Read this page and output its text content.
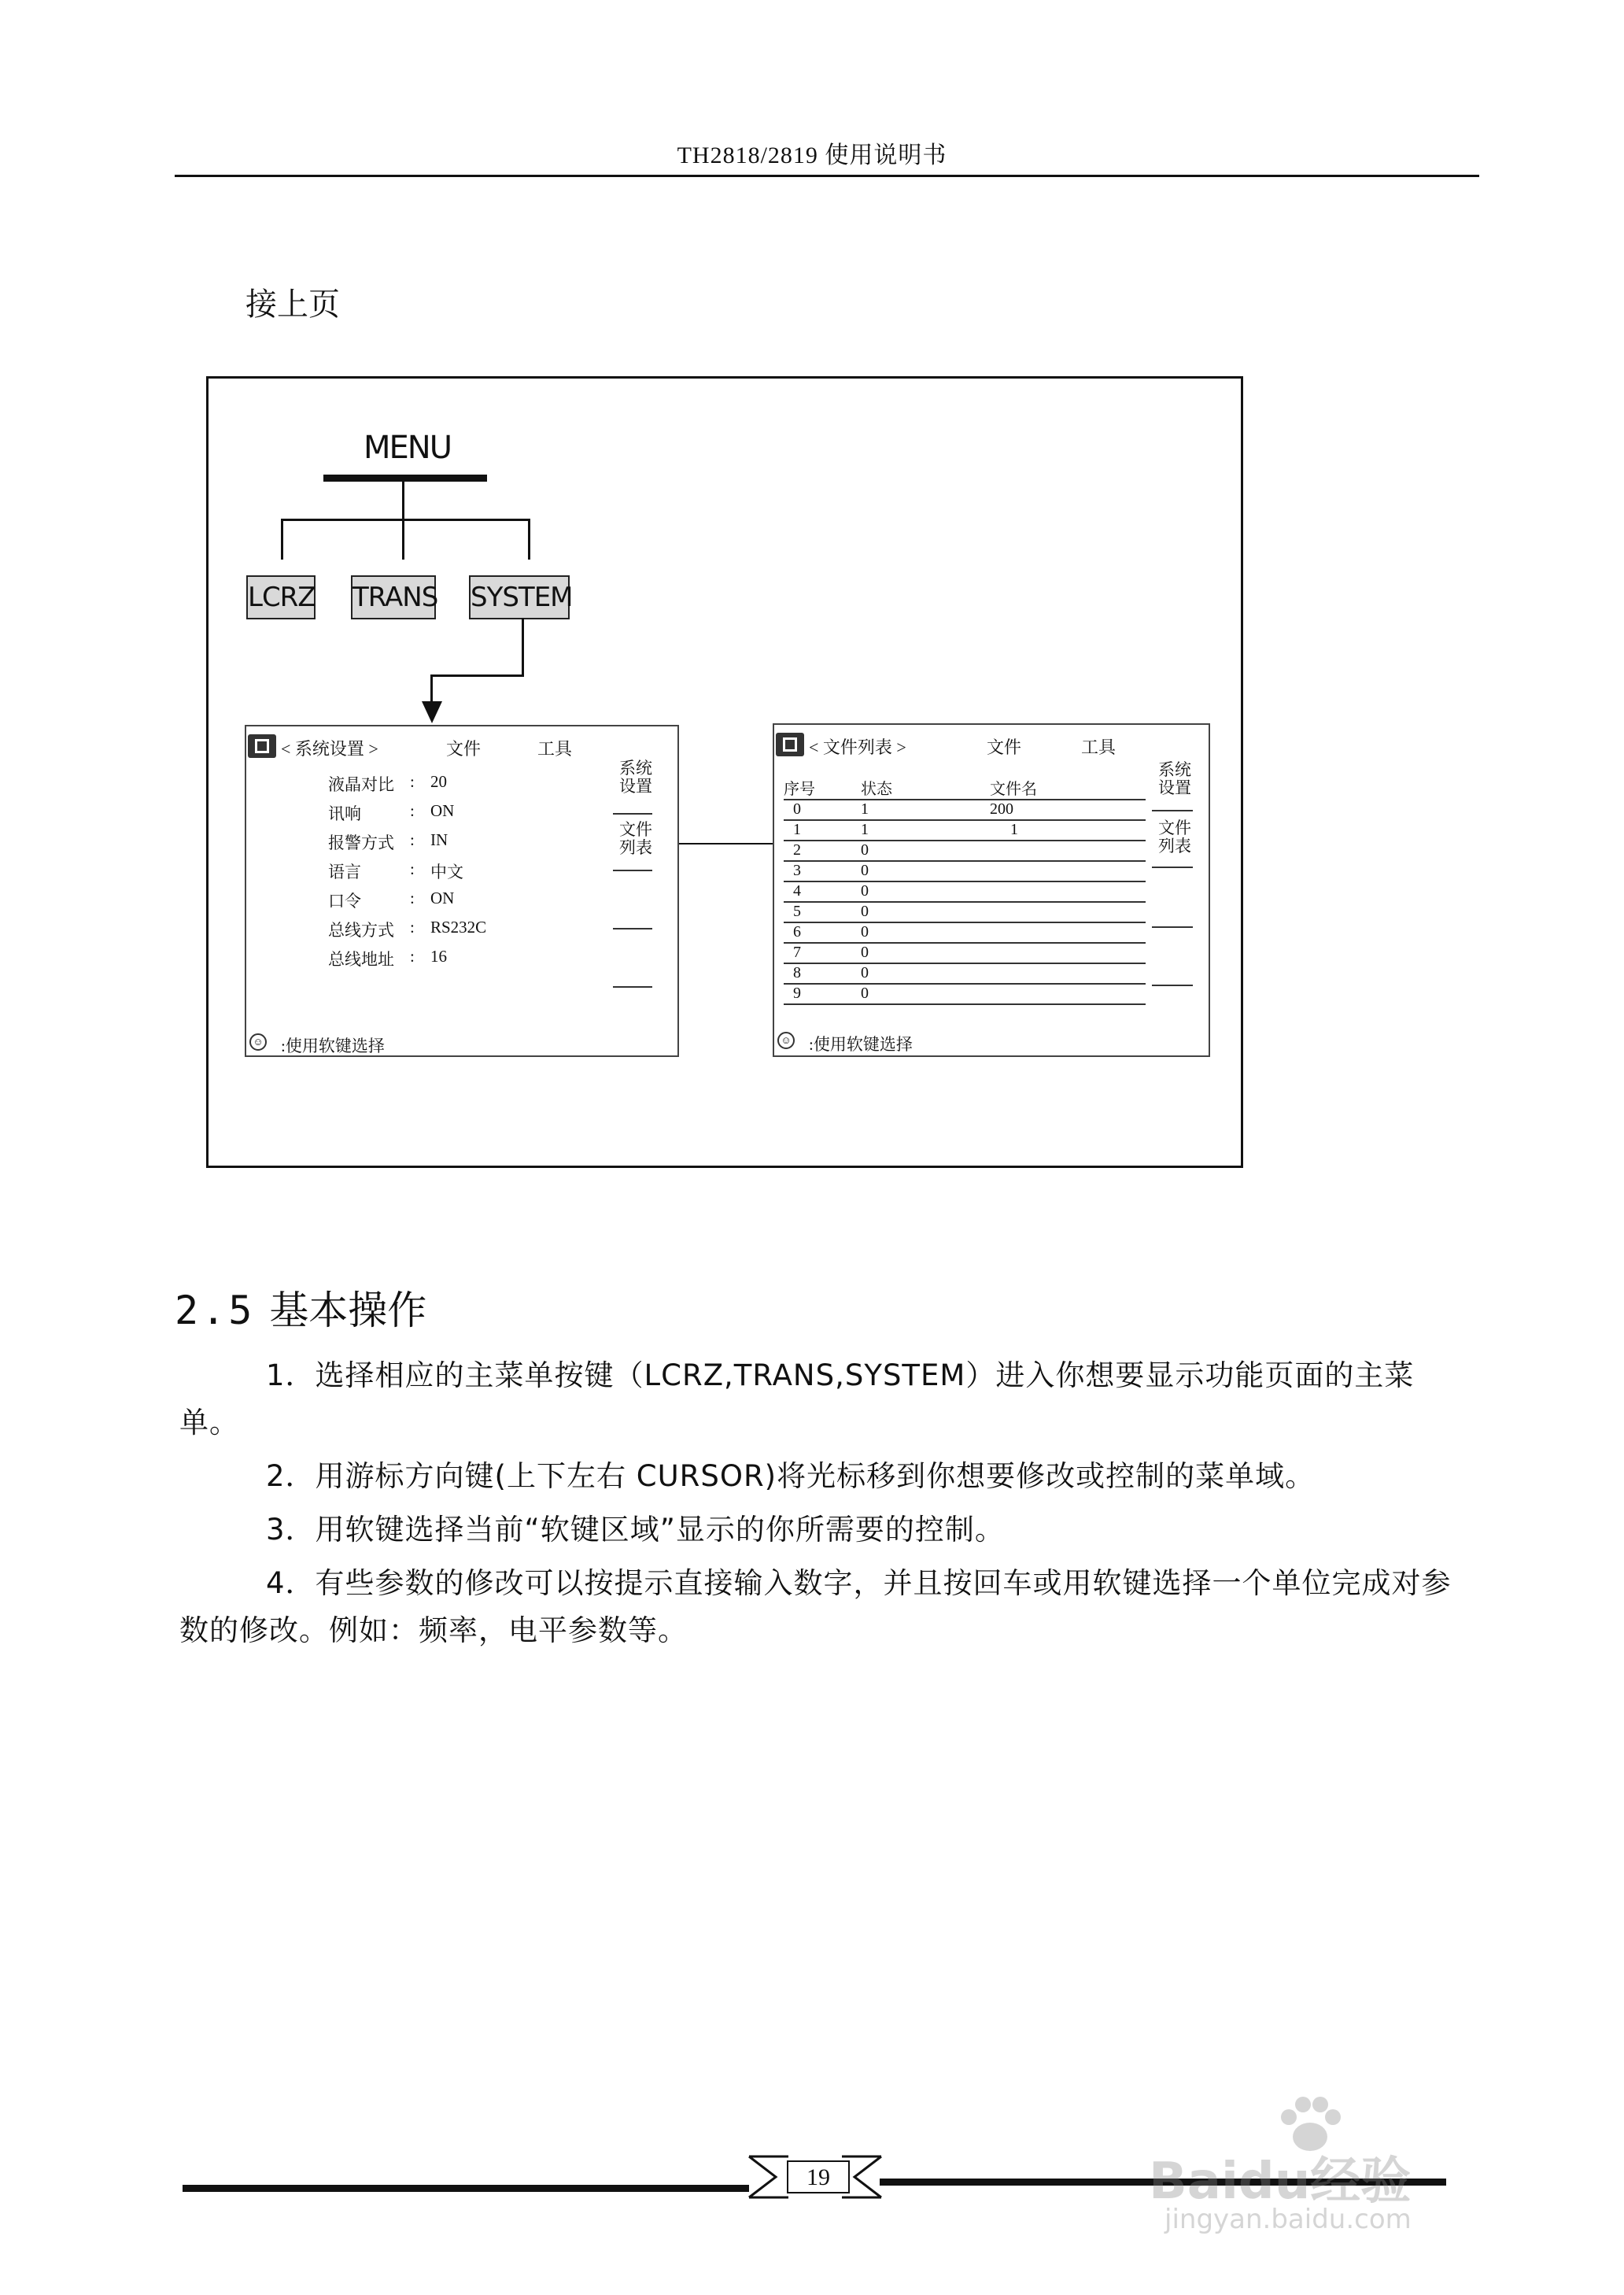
TH2818/2819 使用说明书
接上页
MENU
LCRZ TRANS SYSTEM
< 系统设置 >	文件	工具
液晶对比 : 20
讯响	: ON
报警方式 : IN
语言	: 中文
口令	: ON
总线方式 : RS232C
总线地址 : 16
系统
设置
文件
列表
☺ :使用软键选择
< 文件列表 >	文件	工具
序号	状态	文件名
0	1	200
1	1	1
2	0	
3	0	
4	0	
5	0	
6	0	
7	0	
8	0	
9	0	
系统
设置
文件
列表
☺ :使用软键选择
2.5 基本操作
1．选择相应的主菜单按键（LCRZ,TRANS,SYSTEM）进入你想要显示功能页面的主菜单。
2．用游标方向键(上下左右 CURSOR)将光标移到你想要修改或控制的菜单域。
3．用软键选择当前“软键区域”显示的你所需要的控制。
4．有些参数的修改可以按提示直接输入数字，并且按回车或用软键选择一个单位完成对参数的修改。例如：频率，电平参数等。
19	Baidu经验
jingyan.baidu.com
